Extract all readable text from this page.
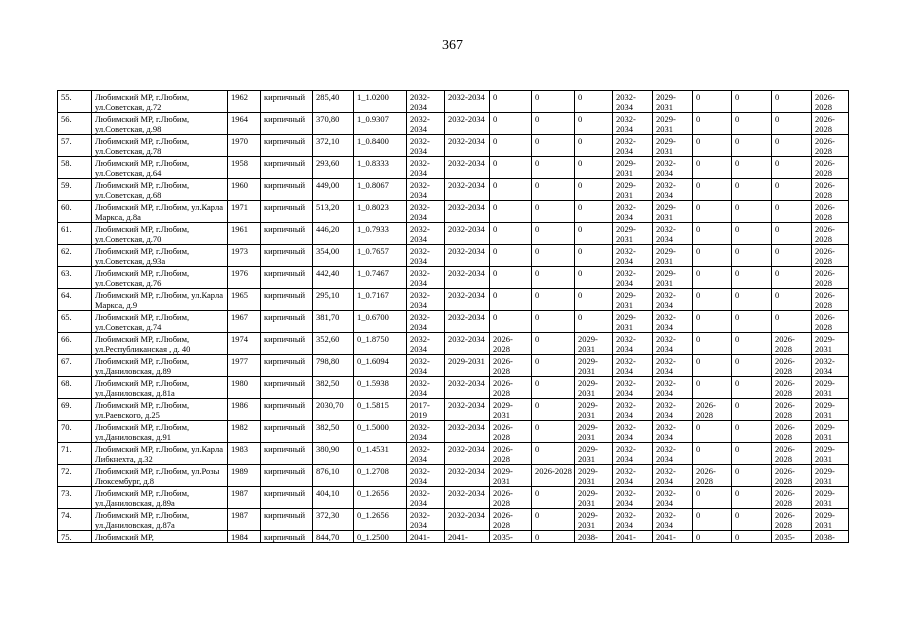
367
55.	Любимский МР, г.Любим, ул.Советская, д.72	1962	кирпичный	285,40	1_1.0200	2032-2034	2032-2034	0	0	0	2032-2034	2029-2031	0	0	0	2026-2028
56.	Любимский МР, г.Любим, ул.Советская, д.98	1964	кирпичный	370,80	1_0.9307	2032-2034	2032-2034	0	0	0	2032-2034	2029-2031	0	0	0	2026-2028
57.	Любимский МР, г.Любим, ул.Советская, д.78	1970	кирпичный	372,10	1_0.8400	2032-2034	2032-2034	0	0	0	2032-2034	2029-2031	0	0	0	2026-2028
58.	Любимский МР, г.Любим, ул.Советская, д.64	1958	кирпичный	293,60	1_0.8333	2032-2034	2032-2034	0	0	0	2029-2031	2032-2034	0	0	0	2026-2028
59.	Любимский МР, г.Любим, ул.Советская, д.68	1960	кирпичный	449,00	1_0.8067	2032-2034	2032-2034	0	0	0	2029-2031	2032-2034	0	0	0	2026-2028
60.	Любимский МР, г.Любим, ул.Карла Маркса, д.8а	1971	кирпичный	513,20	1_0.8023	2032-2034	2032-2034	0	0	0	2032-2034	2029-2031	0	0	0	2026-2028
61.	Любимский МР, г.Любим, ул.Советская, д.70	1961	кирпичный	446,20	1_0.7933	2032-2034	2032-2034	0	0	0	2029-2031	2032-2034	0	0	0	2026-2028
62.	Любимский МР, г.Любим, ул.Советская, д.93а	1973	кирпичный	354,00	1_0.7657	2032-2034	2032-2034	0	0	0	2032-2034	2029-2031	0	0	0	2026-2028
63.	Любимский МР, г.Любим, ул.Советская, д.76	1976	кирпичный	442,40	1_0.7467	2032-2034	2032-2034	0	0	0	2032-2034	2029-2031	0	0	0	2026-2028
64.	Любимский МР, г.Любим, ул.Карла Маркса, д.9	1965	кирпичный	295,10	1_0.7167	2032-2034	2032-2034	0	0	0	2029-2031	2032-2034	0	0	0	2026-2028
65.	Любимский МР, г.Любим, ул.Советская, д.74	1967	кирпичный	381,70	1_0.6700	2032-2034	2032-2034	0	0	0	2029-2031	2032-2034	0	0	0	2026-2028
66.	Любимский МР, г.Любим, ул.Республиканская , д. 40	1974	кирпичный	352,60	0_1.8750	2032-2034	2032-2034	2026-2028	0	2029-2031	2032-2034	2032-2034	0	0	2026-2028	2029-2031
67.	Любимский МР, г.Любим, ул.Даниловская, д.89	1977	кирпичный	798,80	0_1.6094	2032-2034	2029-2031	2026-2028	0	2029-2031	2032-2034	2032-2034	0	0	2026-2028	2032-2034
68.	Любимский МР, г.Любим, ул.Даниловская, д.81а	1980	кирпичный	382,50	0_1.5938	2032-2034	2032-2034	2026-2028	0	2029-2031	2032-2034	2032-2034	0	0	2026-2028	2029-2031
69.	Любимский МР, г.Любим, ул.Раевского, д.25	1986	кирпичный	2030,70	0_1.5815	2017-2019	2032-2034	2029-2031	0	2029-2031	2032-2034	2032-2034	2026-2028	0	2026-2028	2029-2031
70.	Любимский МР, г.Любим, ул.Даниловская, д.91	1982	кирпичный	382,50	0_1.5000	2032-2034	2032-2034	2026-2028	0	2029-2031	2032-2034	2032-2034	0	0	2026-2028	2029-2031
71.	Любимский МР, г.Любим, ул.Карла Либкнехта, д.32	1983	кирпичный	380,90	0_1.4531	2032-2034	2032-2034	2026-2028	0	2029-2031	2032-2034	2032-2034	0	0	2026-2028	2029-2031
72.	Любимский МР, г.Любим, ул.Розы Люксембург, д.8	1989	кирпичный	876,10	0_1.2708	2032-2034	2032-2034	2029-2031	2026-2028	2029-2031	2032-2034	2032-2034	2026-2028	0	2026-2028	2029-2031
73.	Любимский МР, г.Любим, ул.Даниловская, д.89а	1987	кирпичный	404,10	0_1.2656	2032-2034	2032-2034	2026-2028	0	2029-2031	2032-2034	2032-2034	0	0	2026-2028	2029-2031
74.	Любимский МР, г.Любим, ул.Даниловская, д.87а	1987	кирпичный	372,30	0_1.2656	2032-2034	2032-2034	2026-2028	0	2029-2031	2032-2034	2032-2034	0	0	2026-2028	2029-2031
75.	Любимский МР,	1984	кирпичный	844,70	0_1.2500	2041-	2041-	2035-	0	2038-	2041-	2041-	0	0	2035-	2038-
